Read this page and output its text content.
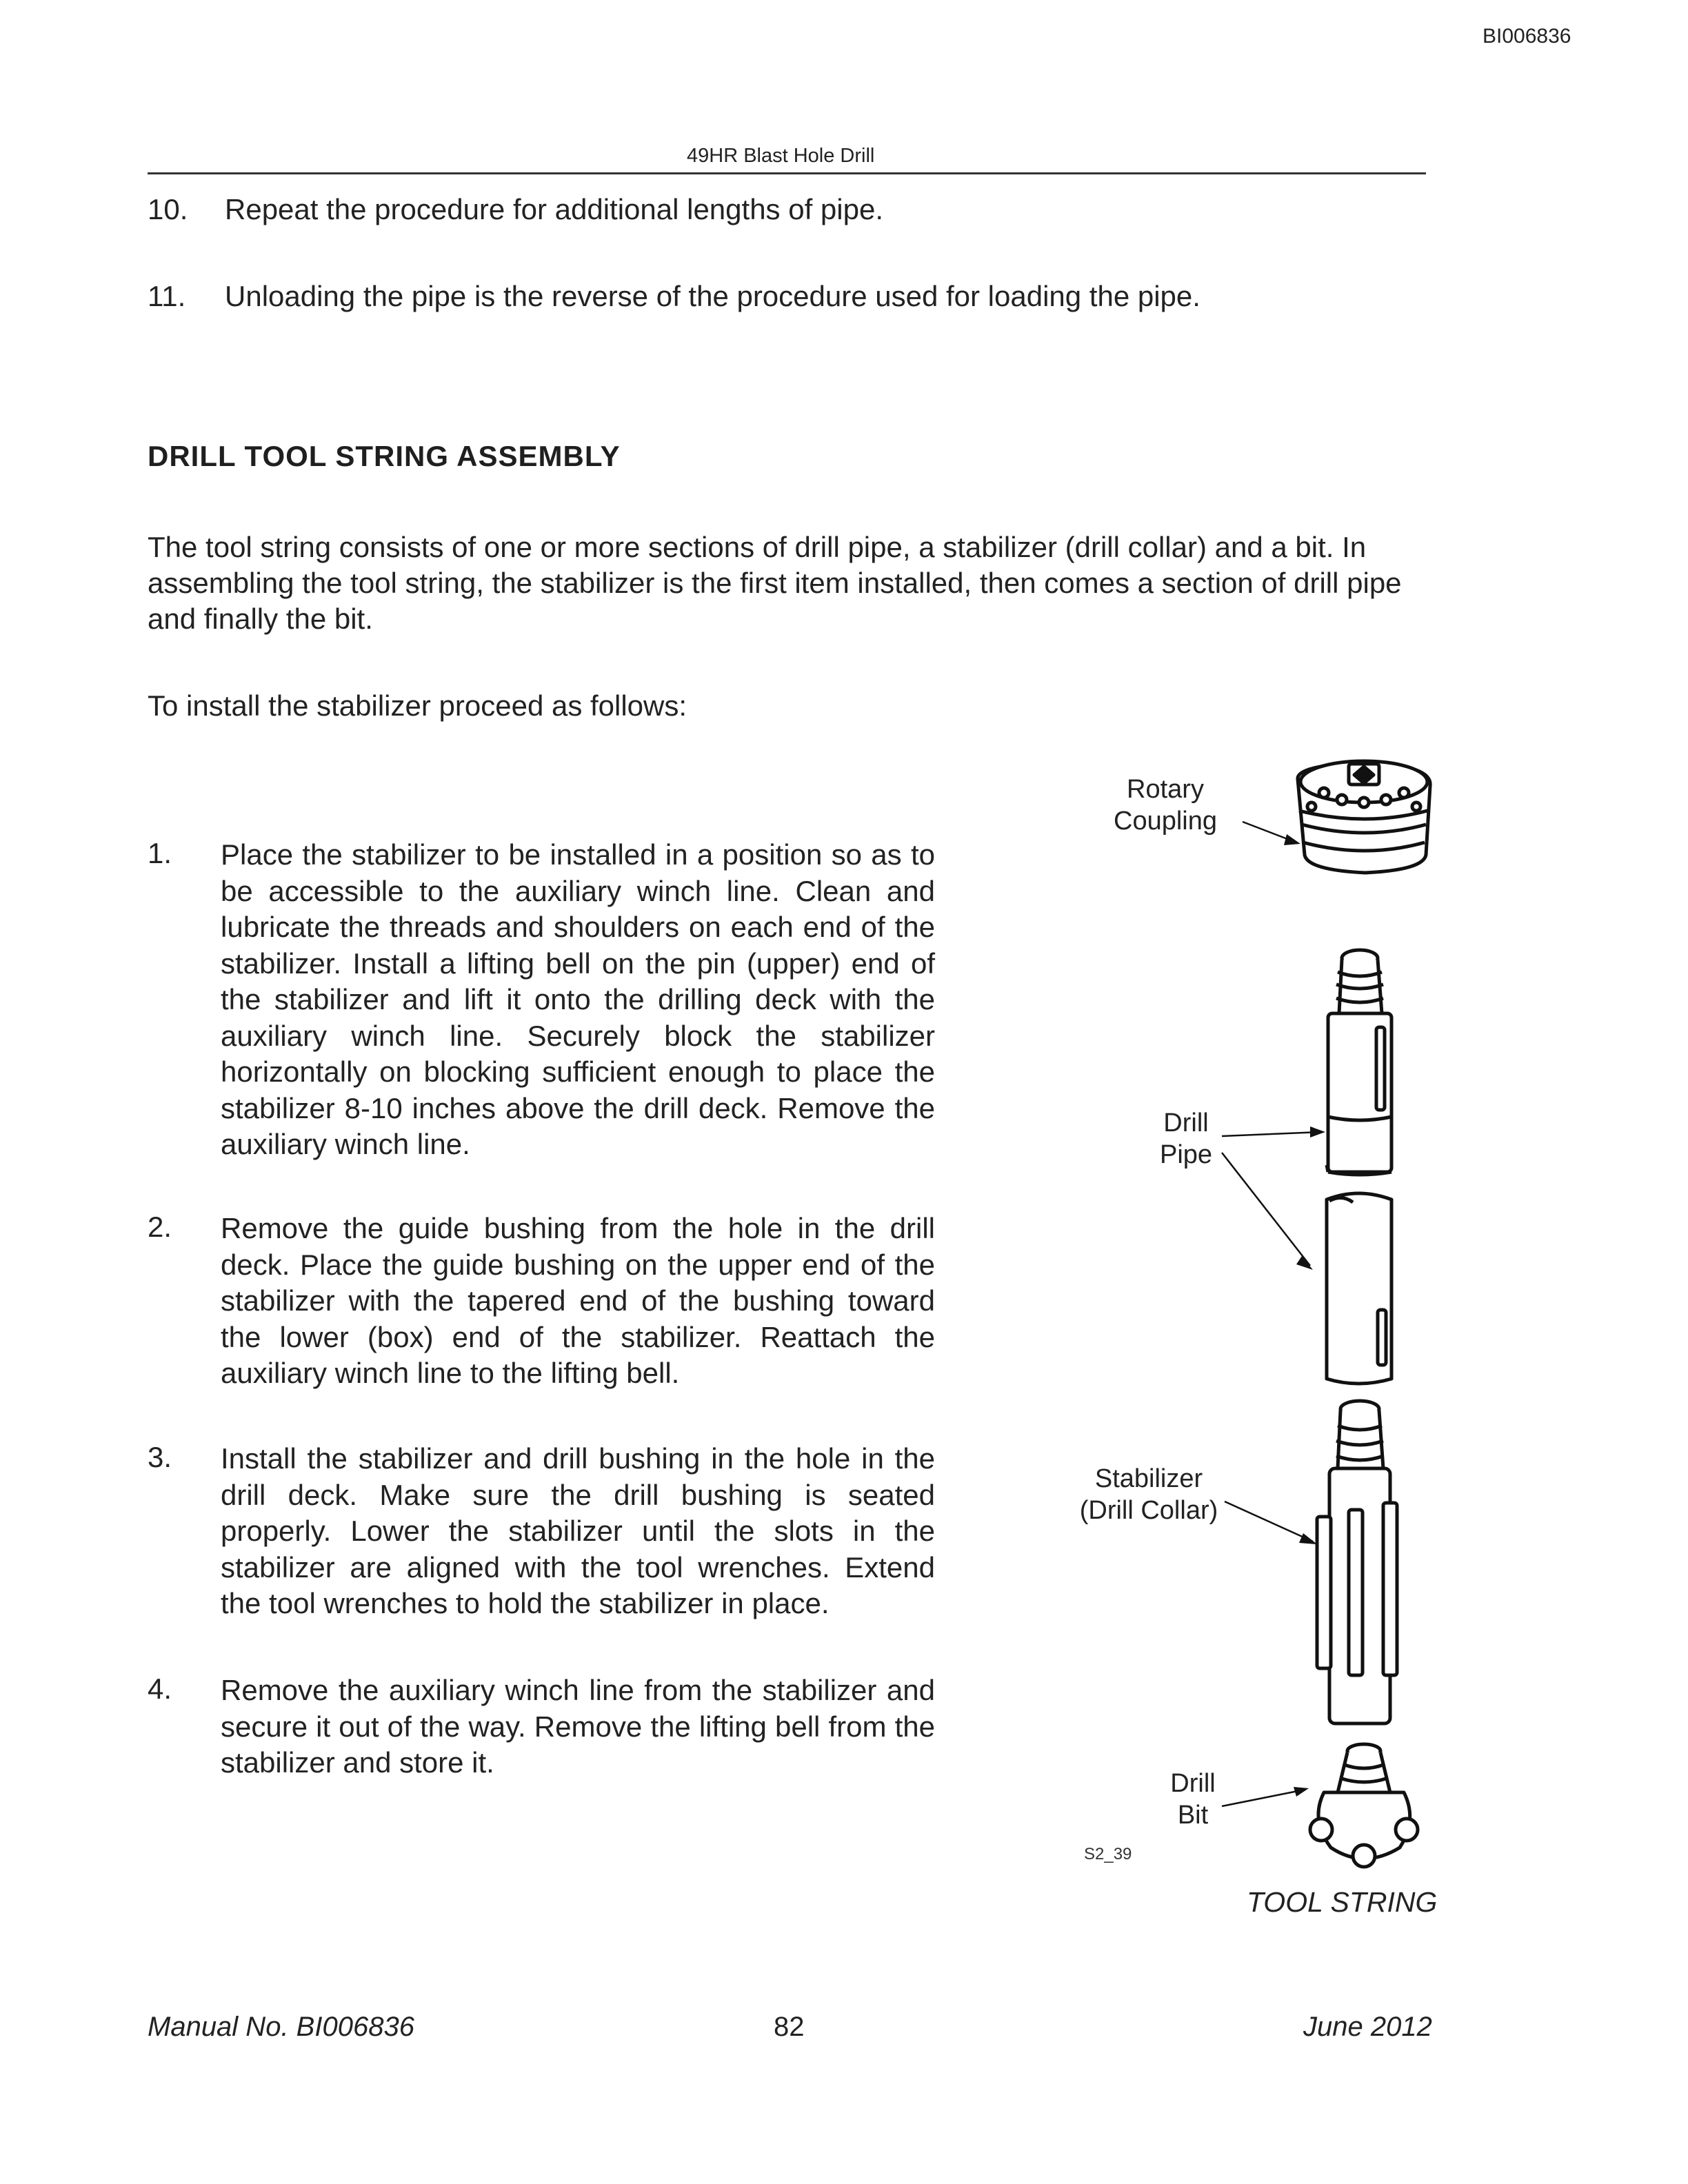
BI006836
49HR Blast Hole Drill
10. Repeat the procedure for additional lengths of pipe.
11. Unloading the pipe is the reverse of the procedure used for loading the pipe.
DRILL TOOL STRING ASSEMBLY
The tool string consists of one or more sections of drill pipe, a stabilizer (drill collar) and a bit. In
assembling the tool string, the stabilizer is the first item installed, then comes a section of drill pipe
and finally the bit.
To install the stabilizer proceed as follows:
1. Place the stabilizer to be installed in a position so as to be accessible to the auxiliary winch line. Clean and lubricate the threads and shoulders on each end of the stabilizer. Install a lifting bell on the pin (upper) end of the stabilizer and lift it onto the drilling deck with the auxiliary winch line. Securely block the stabilizer horizontally on blocking sufficient enough to place the stabilizer 8-10 inches above the drill deck. Remove the auxiliary winch line.
2. Remove the guide bushing from the hole in the drill deck. Place the guide bushing on the upper end of the stabilizer with the tapered end of the bushing toward the lower (box) end of the stabilizer. Reattach the auxiliary winch line to the lifting bell.
3. Install the stabilizer and drill bushing in the hole in the drill deck. Make sure the drill bushing is seated properly. Lower the stabilizer until the slots in the stabilizer are aligned with the tool wrenches. Extend the tool wrenches to hold the stabilizer in place.
4. Remove the auxiliary winch line from the stabilizer and secure it out of the way. Remove the lifting bell from the stabilizer and store it.
Rotary
Coupling
Drill
Pipe
Stabilizer
(Drill Collar)
Drill
Bit
S2_39
TOOL STRING
Manual No. BI006836	82	June 2012
